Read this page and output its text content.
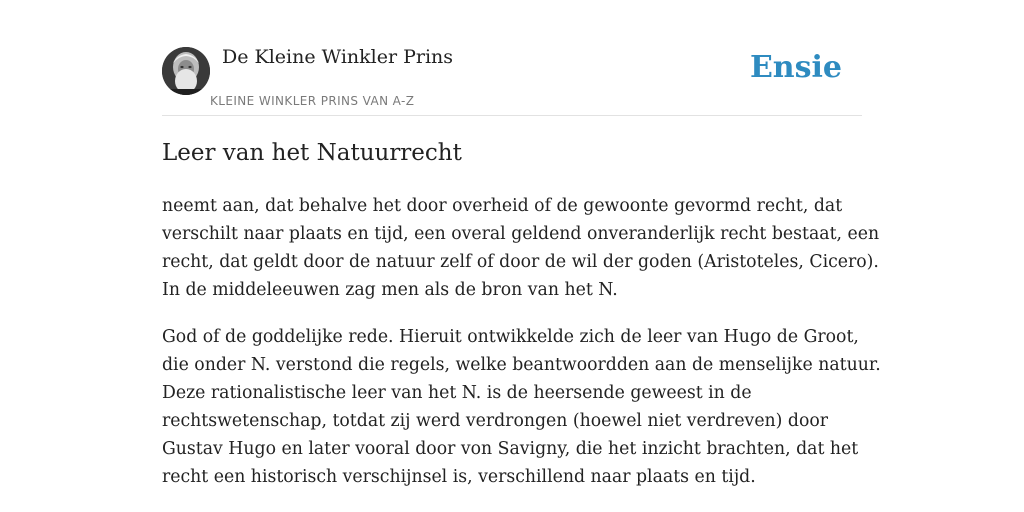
De Kleine Winkler Prins
KLEINE WINKLER PRINS VAN A-Z
Ensie
Leer van het Natuurrecht

neemt aan, dat behalve het door overheid of de gewoonte gevormd recht, dat
verschilt naar plaats en tijd, een overal geldend onveranderlijk recht bestaat, een
recht, dat geldt door de natuur zelf of door de wil der goden (Aristoteles, Cicero).
In de middeleeuwen zag men als de bron van het N.

God of de goddelijke rede. Hieruit ontwikkelde zich de leer van Hugo de Groot,
die onder N. verstond die regels, welke beantwoordden aan de menselijke natuur.
Deze rationalistische leer van het N. is de heersende geweest in de
rechtswetenschap, totdat zij werd verdrongen (hoewel niet verdreven) door
Gustav Hugo en later vooral door von Savigny, die het inzicht brachten, dat het
recht een historisch verschijnsel is, verschillend naar plaats en tijd.
